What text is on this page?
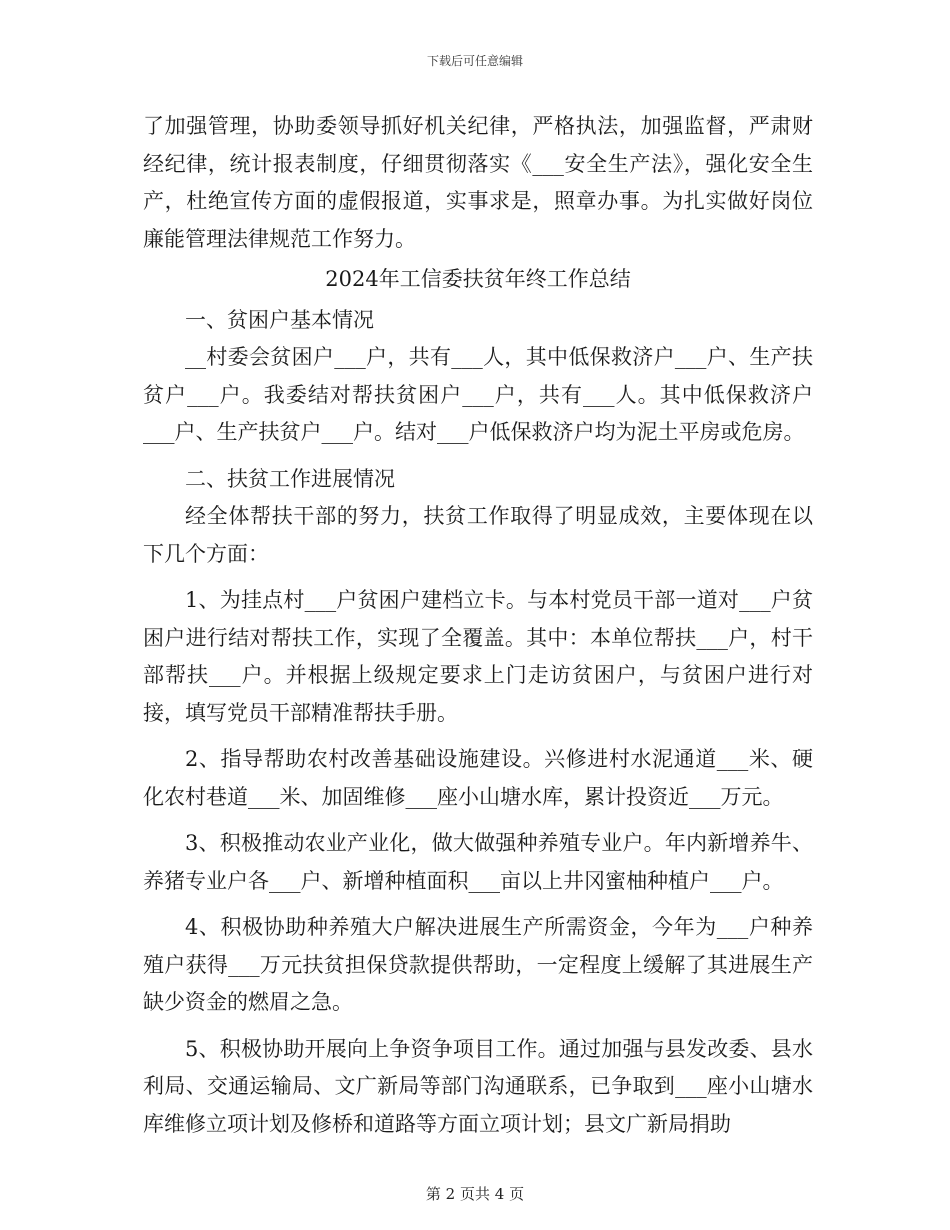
下载后可任意编辑

了加强管理，协助委领导抓好机关纪律，严格执法，加强监督，严肃财经纪律，统计报表制度，仔细贯彻落实《___安全生产法》，强化安全生产，杜绝宣传方面的虚假报道，实事求是，照章办事。为扎实做好岗位廉能管理法律规范工作努力。

2024年工信委扶贫年终工作总结

一、贫困户基本情况

__村委会贫困户___户，共有___人，其中低保救济户___户、生产扶贫户___户。我委结对帮扶贫困户___户，共有___人。其中低保救济户___户、生产扶贫户___户。结对___户低保救济户均为泥土平房或危房。

二、扶贫工作进展情况

经全体帮扶干部的努力，扶贫工作取得了明显成效，主要体现在以下几个方面：

1、为挂点村___户贫困户建档立卡。与本村党员干部一道对___户贫困户进行结对帮扶工作，实现了全覆盖。其中：本单位帮扶___户，村干部帮扶___户。并根据上级规定要求上门走访贫困户，与贫困户进行对接，填写党员干部精准帮扶手册。

2、指导帮助农村改善基础设施建设。兴修进村水泥通道___米、硬化农村巷道___米、加固维修___座小山塘水库，累计投资近___万元。

3、积极推动农业产业化，做大做强种养殖专业户。年内新增养牛、养猪专业户各___户、新增种植面积___亩以上井冈蜜柚种植户___户。

4、积极协助种养殖大户解决进展生产所需资金，今年为___户种养殖户获得___万元扶贫担保贷款提供帮助，一定程度上缓解了其进展生产缺少资金的燃眉之急。

5、积极协助开展向上争资争项目工作。通过加强与县发改委、县水利局、交通运输局、文广新局等部门沟通联系，已争取到___座小山塘水库维修立项计划及修桥和道路等方面立项计划；县文广新局捐助

第 2 页共 4 页
